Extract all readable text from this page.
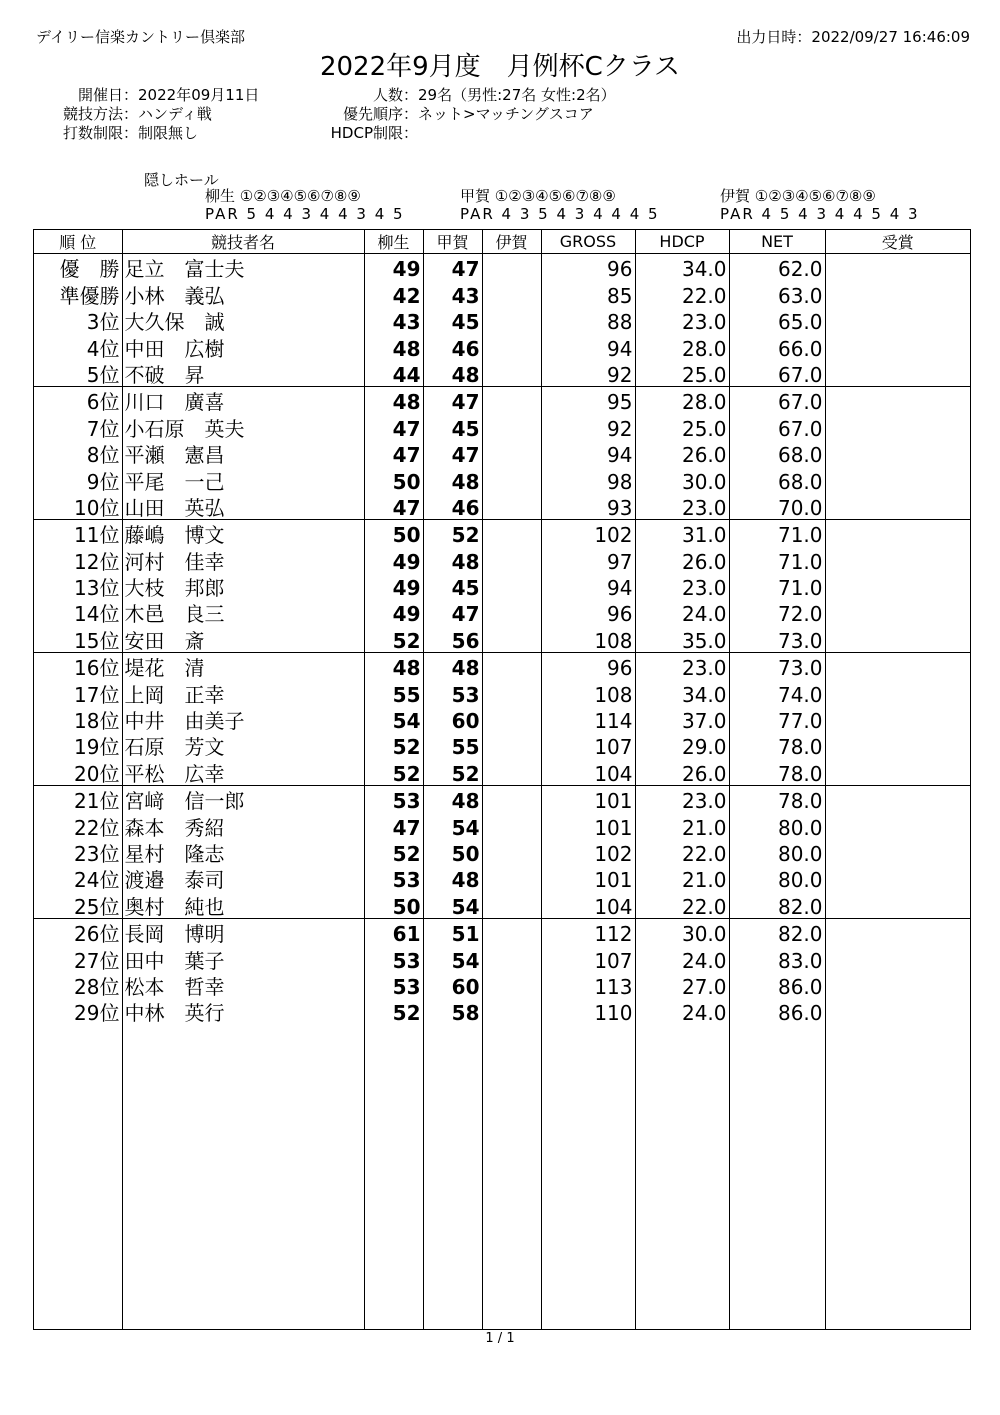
デイリー信楽カントリー倶楽部	出力日時：2022/09/27 16:46:09
2022年9月度　月例杯Cクラス
開催日：2022年09月11日
競技方法：ハンディ戦
打数制限：制限無し
人数：29名（男性:27名 女性:2名）
優先順序：ネット>マッチングスコア
HDCP制限：
隠しホール
柳生 ①②③④⑤⑥⑦⑧⑨
PAR 5 4 4 3 4 4 3 4 5
甲賀 ①②③④⑤⑥⑦⑧⑨
PAR 4 3 5 4 3 4 4 4 5
伊賀 ①②③④⑤⑥⑦⑧⑨
PAR 4 5 4 3 4 4 5 4 3
順 位	競技者名	柳生	甲賀	伊賀	GROSS	HDCP	NET	受賞
優　勝	足立　富士夫	49	47		96	34.0	62.0	
準優勝	小林　義弘	42	43		85	22.0	63.0	
3位	大久保　誠	43	45		88	23.0	65.0	
4位	中田　広樹	48	46		94	28.0	66.0	
5位	不破　昇	44	48		92	25.0	67.0	
6位	川口　廣喜	48	47		95	28.0	67.0	
7位	小石原　英夫	47	45		92	25.0	67.0	
8位	平瀬　憲昌	47	47		94	26.0	68.0	
9位	平尾　一己	50	48		98	30.0	68.0	
10位	山田　英弘	47	46		93	23.0	70.0	
11位	藤嶋　博文	50	52		102	31.0	71.0	
12位	河村　佳幸	49	48		97	26.0	71.0	
13位	大枝　邦郎	49	45		94	23.0	71.0	
14位	木邑　良三	49	47		96	24.0	72.0	
15位	安田　斎	52	56		108	35.0	73.0	
16位	堤花　清	48	48		96	23.0	73.0	
17位	上岡　正幸	55	53		108	34.0	74.0	
18位	中井　由美子	54	60		114	37.0	77.0	
19位	石原　芳文	52	55		107	29.0	78.0	
20位	平松　広幸	52	52		104	26.0	78.0	
21位	宮﨑　信一郎	53	48		101	23.0	78.0	
22位	森本　秀紹	47	54		101	21.0	80.0	
23位	星村　隆志	52	50		102	22.0	80.0	
24位	渡邉　泰司	53	48		101	21.0	80.0	
25位	奥村　純也	50	54		104	22.0	82.0	
26位	長岡　博明	61	51		112	30.0	82.0	
27位	田中　葉子	53	54		107	24.0	83.0	
28位	松本　哲幸	53	60		113	27.0	86.0	
29位	中林　英行	52	58		110	24.0	86.0	

1 / 1
